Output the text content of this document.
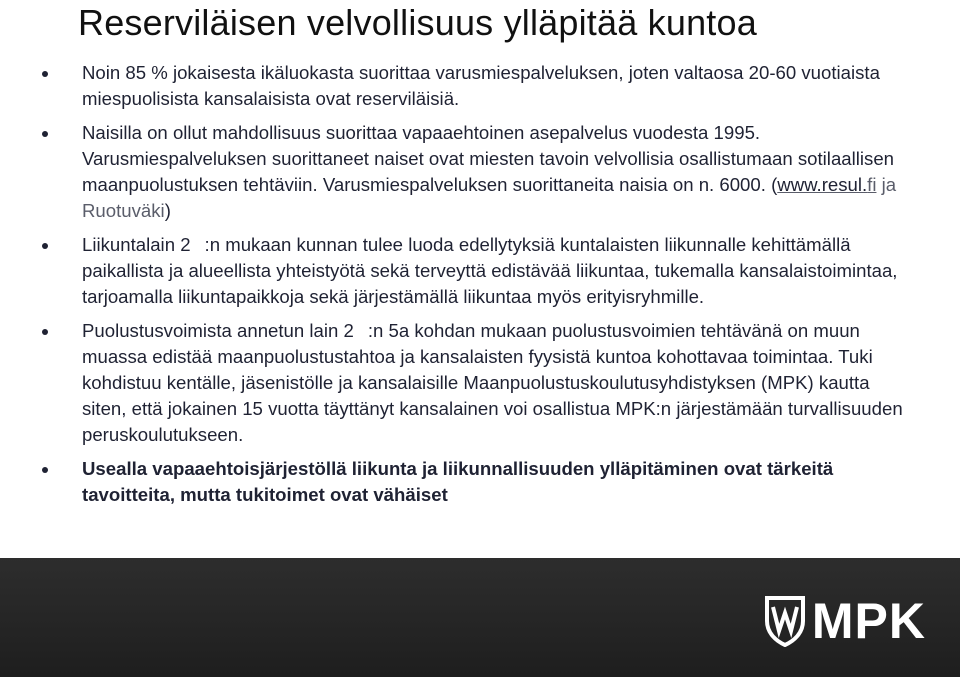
Reserviläisen velvollisuus ylläpitää kuntoa
Noin 85 % jokaisesta ikäluokasta suorittaa varusmiespalveluksen, joten valtaosa 20-60 vuotiaista miespuolisista kansalaisista ovat reserviläisiä.
Naisilla on ollut mahdollisuus suorittaa vapaaehtoinen asepalvelus vuodesta 1995. Varusmiespalveluksen suorittaneet naiset ovat miesten tavoin velvollisia osallistumaan sotilaallisen maanpuolustuksen tehtäviin. Varusmiespalveluksen suorittaneita naisia on n. 6000. (www.resul.fi ja Ruotuväki)
Liikuntalain 2 :n mukaan kunnan tulee luoda edellytyksiä kuntalaisten liikunnalle kehittämällä paikallista ja alueellista yhteistyötä sekä terveyttä edistävää liikuntaa, tukemalla kansalaistoimintaa, tarjoamalla liikuntapaikkoja sekä järjestämällä liikuntaa myös erityisryhmille.
Puolustusvoimista annetun lain 2 :n 5a kohdan mukaan puolustusvoimien tehtävänä on muun muassa edistää maanpuolustustahtoa ja kansalaisten fyysistä kuntoa kohottavaa toimintaa. Tuki kohdistuu kentälle, jäsenistölle ja kansalaisille Maanpuolustuskoulutusyhdistyksen (MPK) kautta siten, että jokainen 15 vuotta täyttänyt kansalainen voi osallistua MPK:n järjestämään turvallisuuden peruskoulutukseen.
Usealla vapaaehtoisjärjestöllä liikunta ja liikunnallisuuden ylläpitäminen ovat tärkeitä tavoitteita, mutta tukitoimet ovat vähäiset
MPK
